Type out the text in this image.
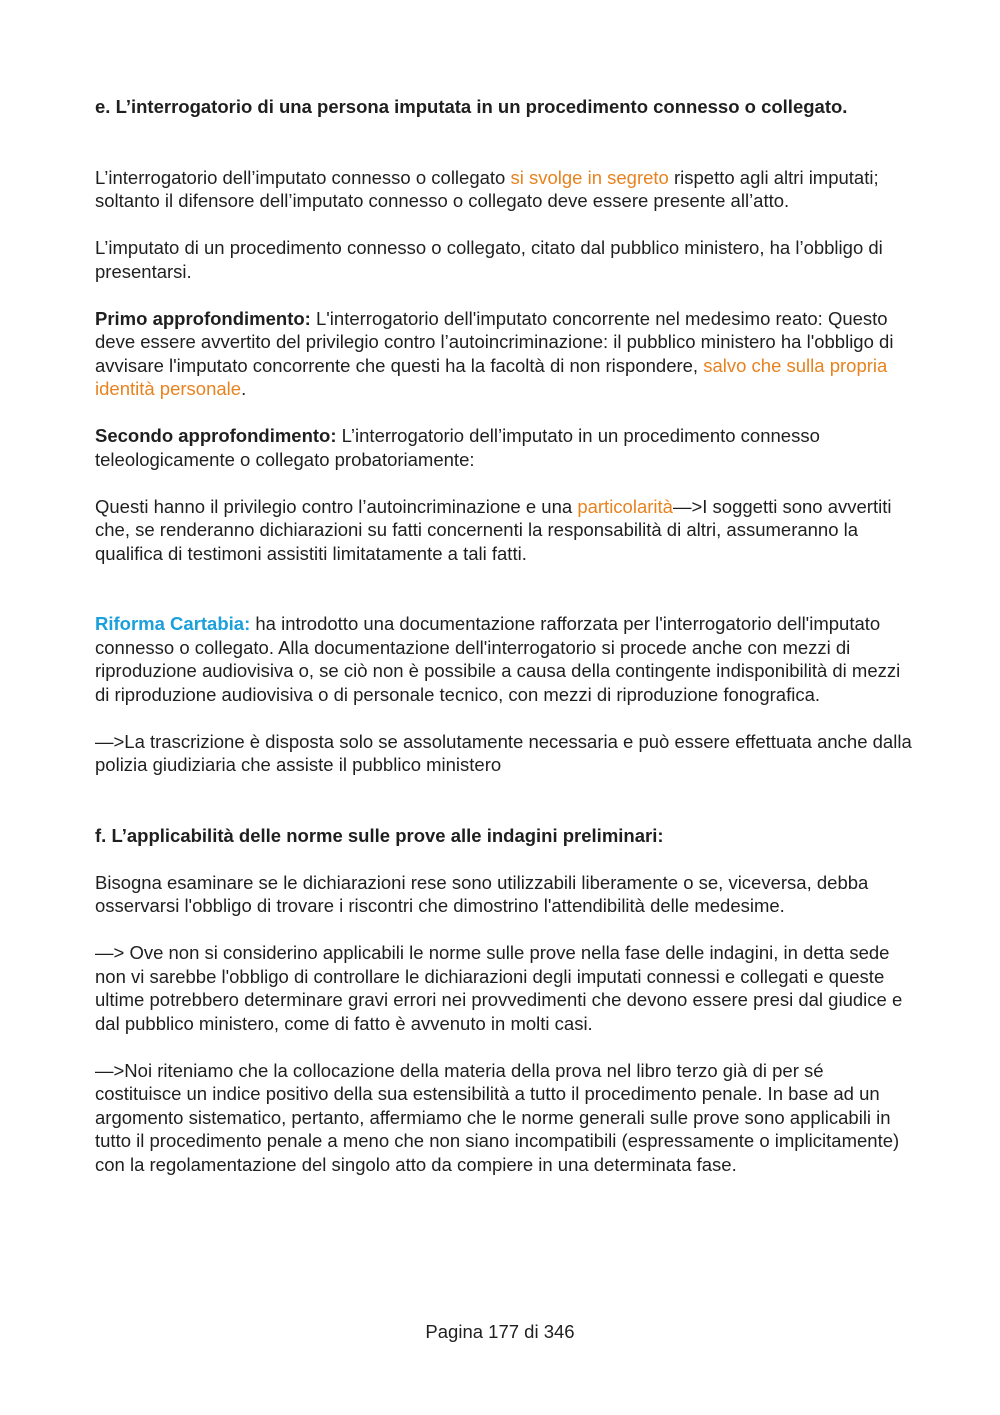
e. L’interrogatorio di una persona imputata in un procedimento connesso o collegato.

L’interrogatorio dell’imputato connesso o collegato si svolge in segreto rispetto agli altri imputati; soltanto il difensore dell’imputato connesso o collegato deve essere presente all’atto.

L’imputato di un procedimento connesso o collegato, citato dal pubblico ministero, ha l’obbligo di presentarsi.

Primo approfondimento: L'interrogatorio dell'imputato concorrente nel medesimo reato: Questo deve essere avvertito del privilegio contro l’autoincriminazione: il pubblico ministero ha l'obbligo di avvisare l'imputato concorrente che questi ha la facoltà di non rispondere, salvo che sulla propria identità personale.

Secondo approfondimento: L’interrogatorio dell’imputato in un procedimento connesso teleologicamente o collegato probatoriamente:

Questi hanno il privilegio contro l’autoincriminazione e una particolarità—>I soggetti sono avvertiti che, se renderanno dichiarazioni su fatti concernenti la responsabilità di altri, assumeranno la qualifica di testimoni assistiti limitatamente a tali fatti.

Riforma Cartabia: ha introdotto una documentazione rafforzata per l'interrogatorio dell'imputato connesso o collegato. Alla documentazione dell'interrogatorio si procede anche con mezzi di riproduzione audiovisiva o, se ciò non è possibile a causa della contingente indisponibilità di mezzi di riproduzione audiovisiva o di personale tecnico, con mezzi di riproduzione fonografica.

—>La trascrizione è disposta solo se assolutamente necessaria e può essere effettuata anche dalla polizia giudiziaria che assiste il pubblico ministero

f. L’applicabilità delle norme sulle prove alle indagini preliminari:

Bisogna esaminare se le dichiarazioni rese sono utilizzabili liberamente o se, viceversa, debba osservarsi l'obbligo di trovare i riscontri che dimostrino l'attendibilità delle medesime.

—> Ove non si considerino applicabili le norme sulle prove nella fase delle indagini, in detta sede non vi sarebbe l'obbligo di controllare le dichiarazioni degli imputati connessi e collegati e queste ultime potrebbero determinare gravi errori nei provvedimenti che devono essere presi dal giudice e dal pubblico ministero, come di fatto è avvenuto in molti casi.

—>Noi riteniamo che la collocazione della materia della prova nel libro terzo già di per sé costituisce un indice positivo della sua estensibilità a tutto il procedimento penale. In base ad un argomento sistematico, pertanto, affermiamo che le norme generali sulle prove sono applicabili in tutto il procedimento penale a meno che non siano incompatibili (espressamente o implicitamente) con la regolamentazione del singolo atto da compiere in una determinata fase.

Pagina 177 di 346
